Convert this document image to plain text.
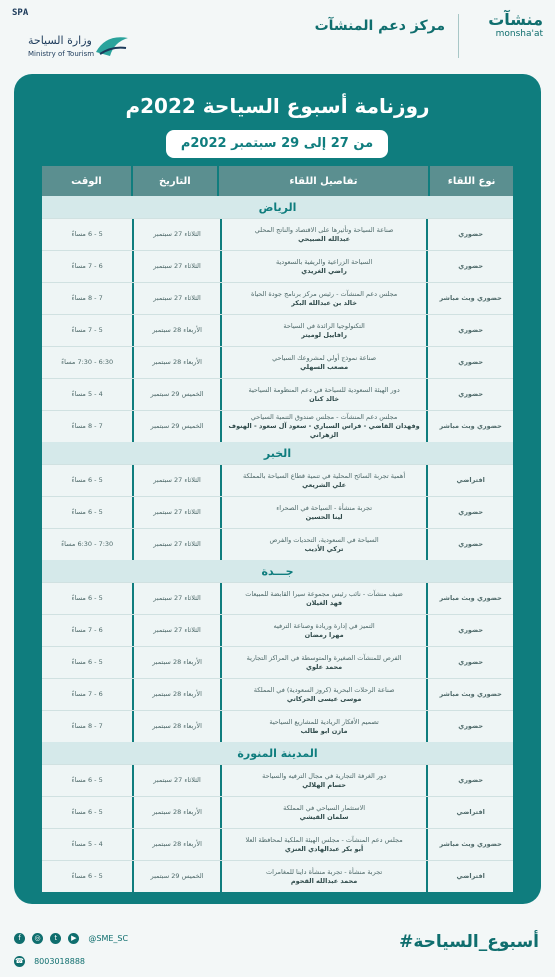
SPA
وزارة السياحة
Ministry of Tourism
مركز دعم المنشآت	منشآت
monsha'at
روزنامة أسبوع السياحة 2022م
من 27 إلى 29 سبتمبر 2022م
نوع اللقاء
تفاصيل اللقاء
التاريخ
الوقت
الرياض
حضوري
صناعة السياحة وتأثيرها على الاقتصاد والناتج المحلي
عبدالله الصبيحي
الثلاثاء 27 سبتمبر
5 - 6 مساءً
حضوري
السياحة الزراعية والريفية بالسعودية
راضي الغريدي
الثلاثاء 27 سبتمبر
6 - 7 مساءً
حضوري وبث مباشر
مجلس دعم المنشآت - رئيس مركز برنامج جودة الحياة
خالد بن عبدالله البكر
الثلاثاء 27 سبتمبر
7 - 8 مساءً
حضوري
التكنولوجيا الرائدة في السياحة
رافاييل لوميتر
الأربعاء 28 سبتمبر
5 - 7 مساءً
حضوري
صناعة نموذج أولي لمشروعك السياحي
مصعب السهلي
الأربعاء 28 سبتمبر
6:30 - 7:30 مساءً
حضوري
دور الهيئة السعودية للسياحة في دعم المنظومة السياحية
خالد كنان
الخميس 29 سبتمبر
4 - 5 مساءً
حضوري وبث مباشر
مجلس دعم المنشآت - مجلس صندوق التنمية السياحي
وفهدان القاضي - فراس السباري - سعود آل سعود - الهنوف الزهراني
الخميس 29 سبتمبر
7 - 8 مساءً
الخبر
افتراضي
أهمية تجربة السائح المحلية في تنمية قطاع السياحة بالمملكة
علي الشريعي
الثلاثاء 27 سبتمبر
5 - 6 مساءً
حضوري
تجربة منشأة - السياحة في الصحراء
لينا الحسين
الثلاثاء 27 سبتمبر
5 - 6 مساءً
حضوري
السياحة في السعودية، التحديات والفرص
تركي الأديب
الثلاثاء 27 سبتمبر
7:30 - 6:30 مساءً
جـــدة
حضوري وبث مباشر
ضيف منشآت - نائب رئيس مجموعة سيرا القابضة للمبيعات
فهد الغيلان
الثلاثاء 27 سبتمبر
5 - 6 مساءً
حضوري
التميز في إدارة وريادة وصناعة الترفيه
مهرا رمضان
الثلاثاء 27 سبتمبر
6 - 7 مساءً
حضوري
الفرص للمنشآت الصغيرة والمتوسطة في المراكز التجارية
محمد علوي
الأربعاء 28 سبتمبر
5 - 6 مساءً
حضوري وبث مباشر
صناعة الرحلات البحرية (كروز السعودية) في المملكة
موسى عيسى الحركاتي
الأربعاء 28 سبتمبر
6 - 7 مساءً
حضوري
تصميم الأفكار الريادية للمشاريع السياحية
مازن ابو طالب
الأربعاء 28 سبتمبر
7 - 8 مساءً
المدينة المنورة
حضوري
دور الغرفة التجارية في مجال الترفيه والسياحة
حسام الهلالي
الثلاثاء 27 سبتمبر
5 - 6 مساءً
افتراضي
الاستثمار السياحي في المملكة
سلمان القيشي
الأربعاء 28 سبتمبر
5 - 6 مساءً
حضوري وبث مباشر
مجلس دعم المنشآت - مجلس الهيئة الملكية لمحافظة العلا
أبو بكر عبدالهادي العنزي
الأربعاء 28 سبتمبر
4 - 5 مساءً
افتراضي
تجربة منشأة - تجربة منشأة داينا للمغامرات
محمد عبدالله القحوم
الخميس 29 سبتمبر
5 - 6 مساءً
#أسبوع_السياحة
f ◎ t ▶ @SME_SC
☎ 8003018888
